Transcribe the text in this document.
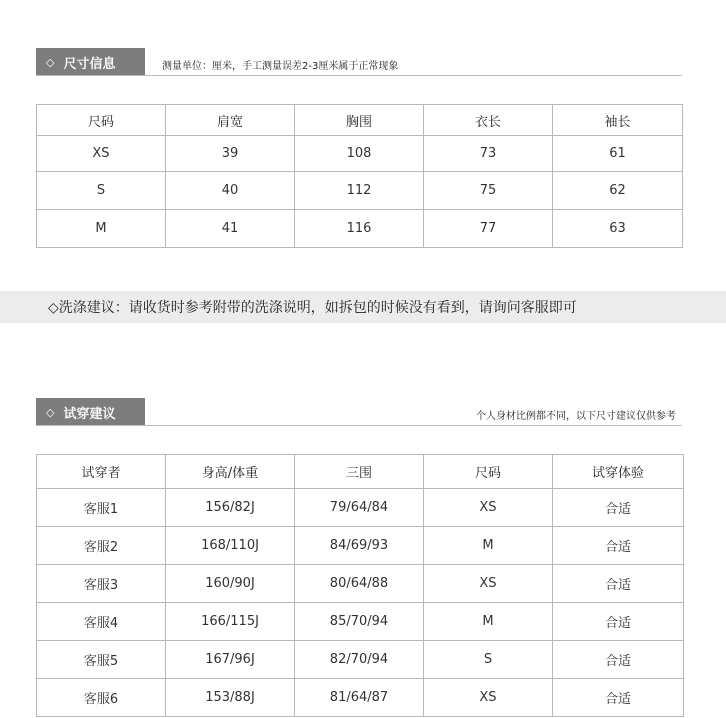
◇ 尺寸信息	测量单位：厘米，手工测量误差2-3厘米属于正常现象
尺码	肩宽	胸围	衣长	袖长
XS	39	108	73	61
S	40	112	75	62
M	41	116	77	63
◇洗涤建议：请收货时参考附带的洗涤说明，如拆包的时候没有看到，请询问客服即可
◇ 试穿建议	个人身材比例都不同，以下尺寸建议仅供参考
试穿者	身高/体重	三围	尺码	试穿体验
客服1	156/82J	79/64/84	XS	合适
客服2	168/110J	84/69/93	M	合适
客服3	160/90J	80/64/88	XS	合适
客服4	166/115J	85/70/94	M	合适
客服5	167/96J	82/70/94	S	合适
客服6	153/88J	81/64/87	XS	合适
